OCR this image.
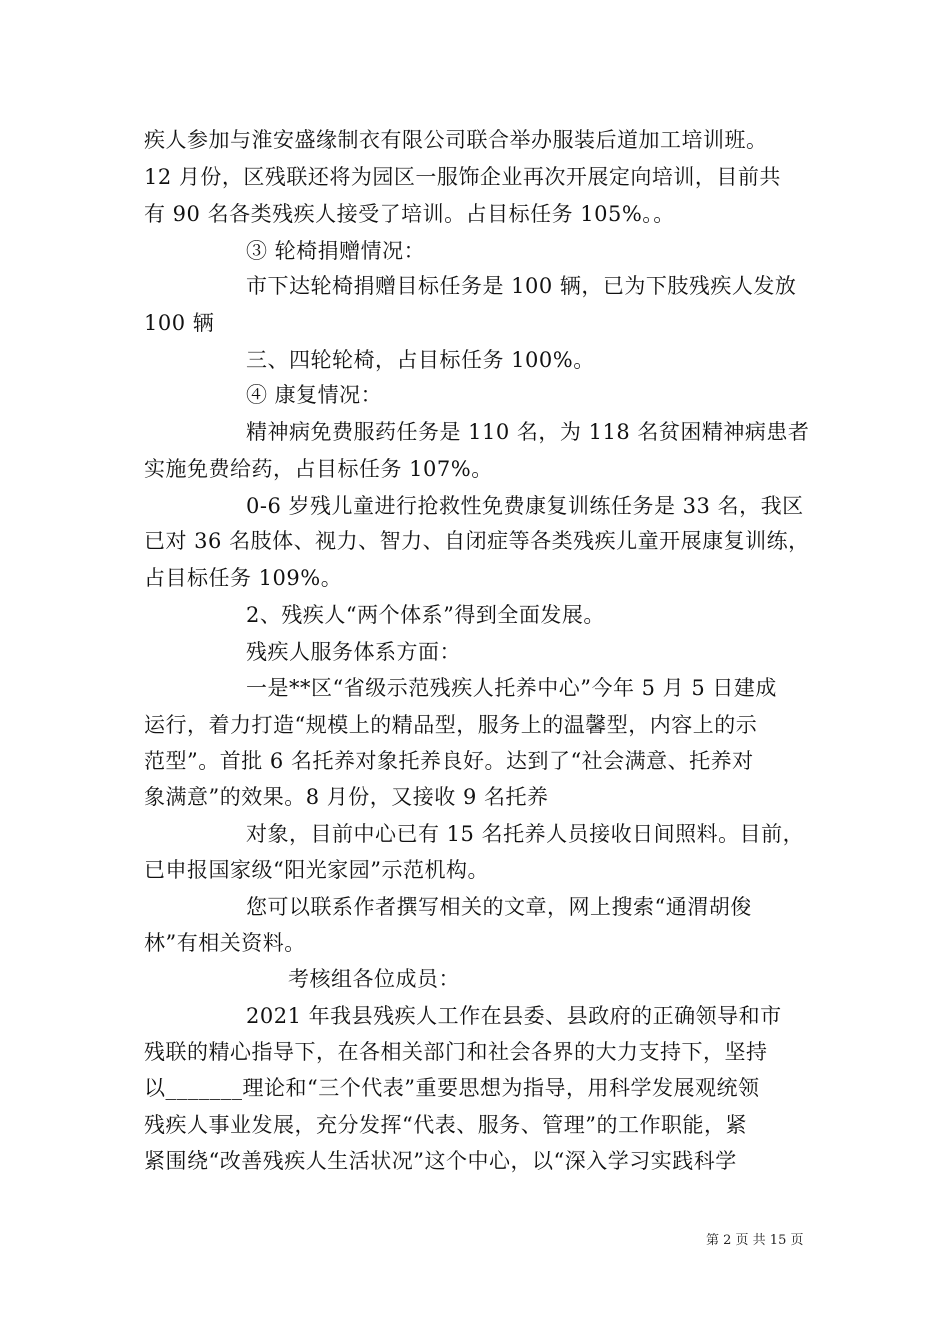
疾人参加与淮安盛缘制衣有限公司联合举办服装后道加工培训班。
12 月份，区残联还将为园区一服饰企业再次开展定向培训，目前共
有 90 名各类残疾人接受了培训。占目标任务 105%。。
③ 轮椅捐赠情况：
市下达轮椅捐赠目标任务是 100 辆，已为下肢残疾人发放
100 辆
三、四轮轮椅，占目标任务 100%。
④ 康复情况：
精神病免费服药任务是 110 名，为 118 名贫困精神病患者
实施免费给药，占目标任务 107%。
0-6 岁残儿童进行抢救性免费康复训练任务是 33 名，我区
已对 36 名肢体、视力、智力、自闭症等各类残疾儿童开展康复训练，
占目标任务 109%。
2、残疾人“两个体系”得到全面发展。
残疾人服务体系方面：
一是**区“省级示范残疾人托养中心”今年 5 月 5 日建成
运行，着力打造“规模上的精品型，服务上的温馨型，内容上的示
范型”。首批 6 名托养对象托养良好。达到了“社会满意、托养对
象满意”的效果。8 月份，又接收 9 名托养
对象，目前中心已有 15 名托养人员接收日间照料。目前，
已申报国家级“阳光家园”示范机构。
您可以联系作者撰写相关的文章，网上搜索“通渭胡俊
林”有相关资料。
考核组各位成员：
2021 年我县残疾人工作在县委、县政府的正确领导和市
残联的精心指导下，在各相关部门和社会各界的大力支持下，坚持
以_______理论和“三个代表”重要思想为指导，用科学发展观统领
残疾人事业发展，充分发挥“代表、服务、管理”的工作职能，紧
紧围绕“改善残疾人生活状况”这个中心，以“深入学习实践科学
第 2 页 共 15 页
